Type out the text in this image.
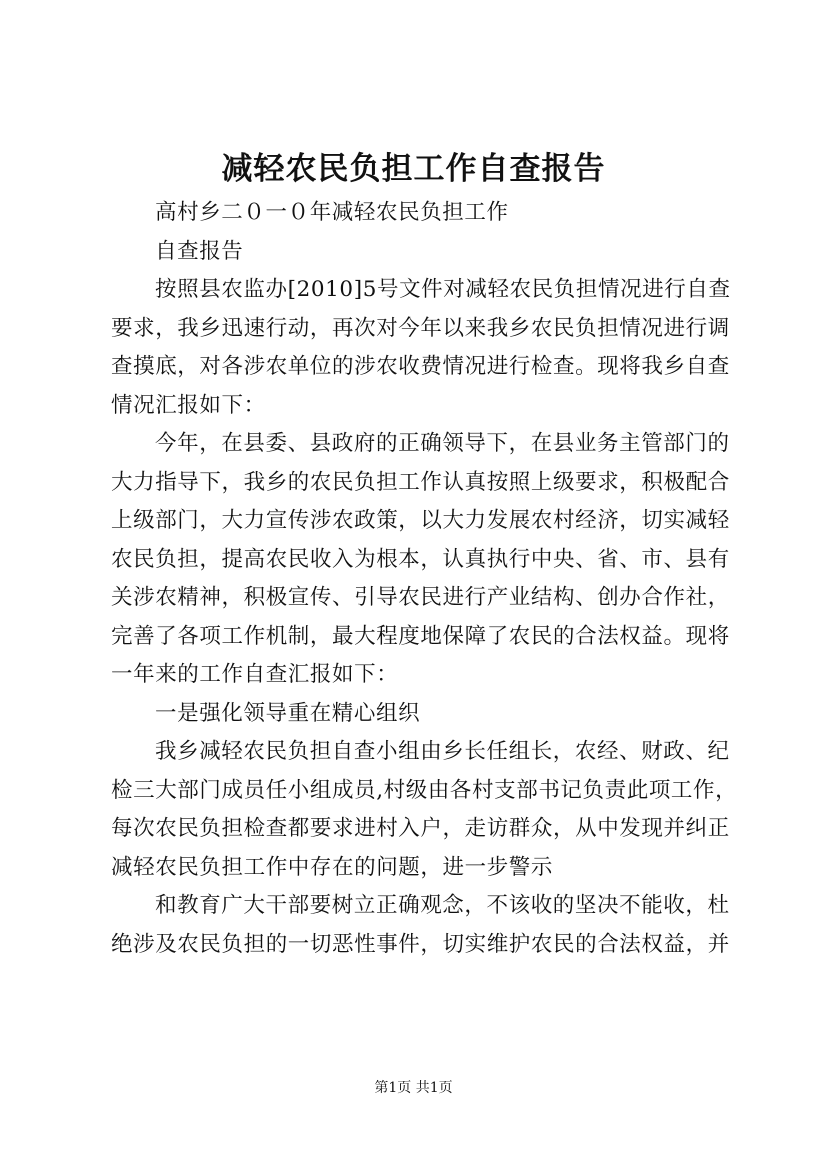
减轻农民负担工作自查报告
高村乡二０一０年减轻农民负担工作
自查报告
按照县农监办[2010]5号文件对减轻农民负担情况进行自查
要求，我乡迅速行动，再次对今年以来我乡农民负担情况进行调
查摸底，对各涉农单位的涉农收费情况进行检查。现将我乡自查
情况汇报如下：
今年，在县委、县政府的正确领导下，在县业务主管部门的
大力指导下，我乡的农民负担工作认真按照上级要求，积极配合
上级部门，大力宣传涉农政策，以大力发展农村经济，切实减轻
农民负担，提高农民收入为根本，认真执行中央、省、市、县有
关涉农精神，积极宣传、引导农民进行产业结构、创办合作社，
完善了各项工作机制，最大程度地保障了农民的合法权益。现将
一年来的工作自查汇报如下：
一是强化领导重在精心组织
我乡减轻农民负担自查小组由乡长任组长，农经、财政、纪
检三大部门成员任小组成员,村级由各村支部书记负责此项工作，
每次农民负担检查都要求进村入户，走访群众，从中发现并纠正
减轻农民负担工作中存在的问题，进一步警示
和教育广大干部要树立正确观念，不该收的坚决不能收，杜
绝涉及农民负担的一切恶性事件，切实维护农民的合法权益，并
第1页 共1页
